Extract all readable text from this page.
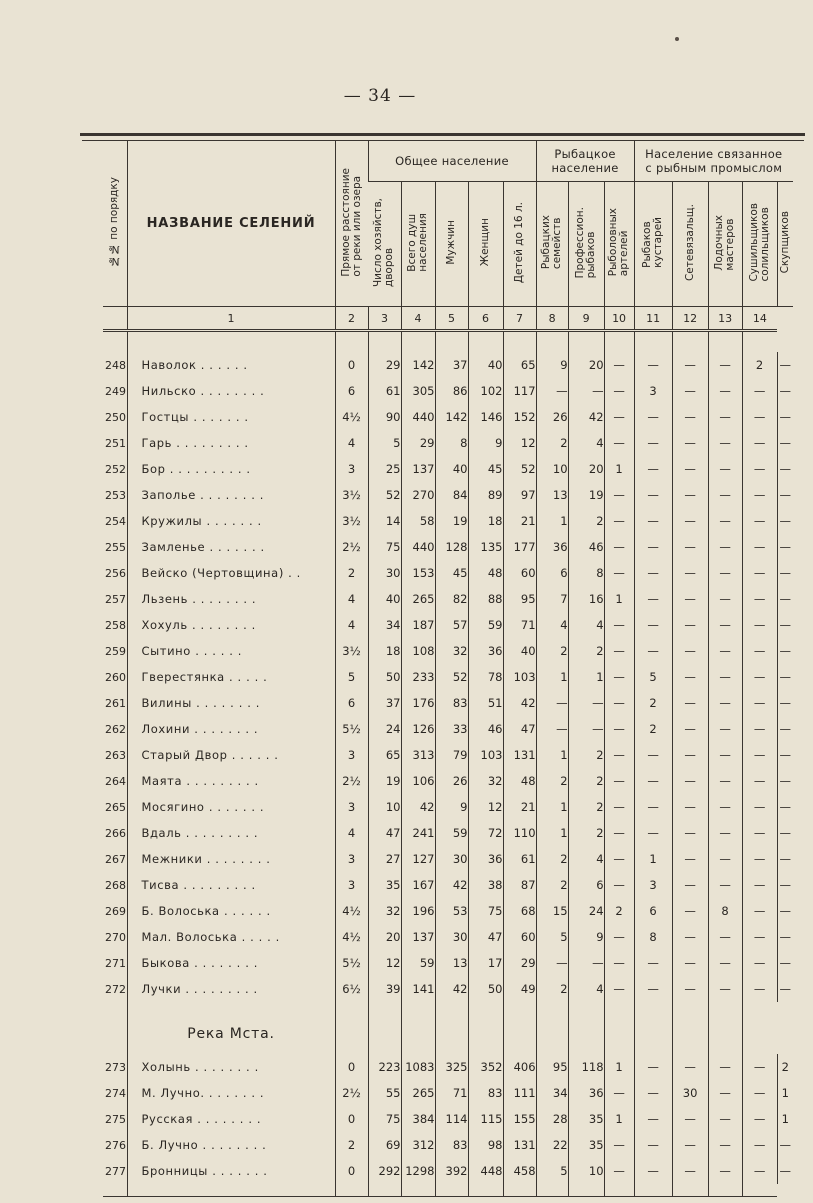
— 34 —
№№ по порядку	НАЗВАНИЕ СЕЛЕНИЙ	Прямое расстояние
от реки или озера	Общее население					Рыбацкое
население			Население связанное
с рыбным промыслом				
			Число хозяйств,
дворов	Всего душ
населения	Мужчин	Женщин	Детей до 16 л.	Рыбацких
семейств	Профессион.
рыбаков	Рыболовных
артелей	Рыбаков
кустарей	Сетевязальщ.	Лодочных
мастеров	Сушильщиков
солильщиков	Скупщиков
	1	2	3	4	5	6	7	8	9	10	11	12	13	14	

248	Наволок . . . . . .	0	29	142	37	40	65	9	20	—	—	—	—	2	—
249	Нильско . . . . . . . .	6	61	305	86	102	117	—	—	—	3	—	—	—	—
250	Гостцы . . . . . . .	4½	90	440	142	146	152	26	42	—	—	—	—	—	—
251	Гарь . . . . . . . . .	4	5	29	8	9	12	2	4	—	—	—	—	—	—
252	Бор . . . . . . . . . .	3	25	137	40	45	52	10	20	1	—	—	—	—	—
253	Заполье . . . . . . . .	3½	52	270	84	89	97	13	19	—	—	—	—	—	—
254	Кружилы . . . . . . .	3½	14	58	19	18	21	1	2	—	—	—	—	—	—
255	Замленье . . . . . . .	2½	75	440	128	135	177	36	46	—	—	—	—	—	—
256	Вейско (Чертовщина) . .	2	30	153	45	48	60	6	8	—	—	—	—	—	—
257	Льзень . . . . . . . .	4	40	265	82	88	95	7	16	1	—	—	—	—	—
258	Хохуль . . . . . . . .	4	34	187	57	59	71	4	4	—	—	—	—	—	—
259	Сытино . . . . . .	3½	18	108	32	36	40	2	2	—	—	—	—	—	—
260	Гверестянка . . . . .	5	50	233	52	78	103	1	1	—	5	—	—	—	—
261	Вилины . . . . . . . .	6	37	176	83	51	42	—	—	—	2	—	—	—	—
262	Лохини . . . . . . . .	5½	24	126	33	46	47	—	—	—	2	—	—	—	—
263	Старый Двор . . . . . .	3	65	313	79	103	131	1	2	—	—	—	—	—	—
264	Маята . . . . . . . . .	2½	19	106	26	32	48	2	2	—	—	—	—	—	—
265	Мосягино . . . . . . .	3	10	42	9	12	21	1	2	—	—	—	—	—	—
266	Вдаль . . . . . . . . .	4	47	241	59	72	110	1	2	—	—	—	—	—	—
267	Межники . . . . . . . .	3	27	127	30	36	61	2	4	—	1	—	—	—	—
268	Тисва . . . . . . . . .	3	35	167	42	38	87	2	6	—	3	—	—	—	—
269	Б. Волоська . . . . . .	4½	32	196	53	75	68	15	24	2	6	—	8	—	—
270	Мал. Волоська . . . . .	4½	20	137	30	47	60	5	9	—	8	—	—	—	—
271	Быкова . . . . . . . .	5½	12	59	13	17	29	—	—	—	—	—	—	—	—
272	Лучки . . . . . . . . .	6½	39	141	42	50	49	2	4	—	—	—	—	—	—

	Река Мста.														

273	Холынь . . . . . . . .	0	223	1083	325	352	406	95	118	1	—	—	—	—	2
274	М. Лучно. . . . . . . .	2½	55	265	71	83	111	34	36	—	—	30	—	—	1
275	Русская . . . . . . . .	0	75	384	114	115	155	28	35	1	—	—	—	—	1
276	Б. Лучно . . . . . . . .	2	69	312	83	98	131	22	35	—	—	—	—	—	—
277	Бронницы . . . . . . .	0	292	1298	392	448	458	5	10	—	—	—	—	—	—
